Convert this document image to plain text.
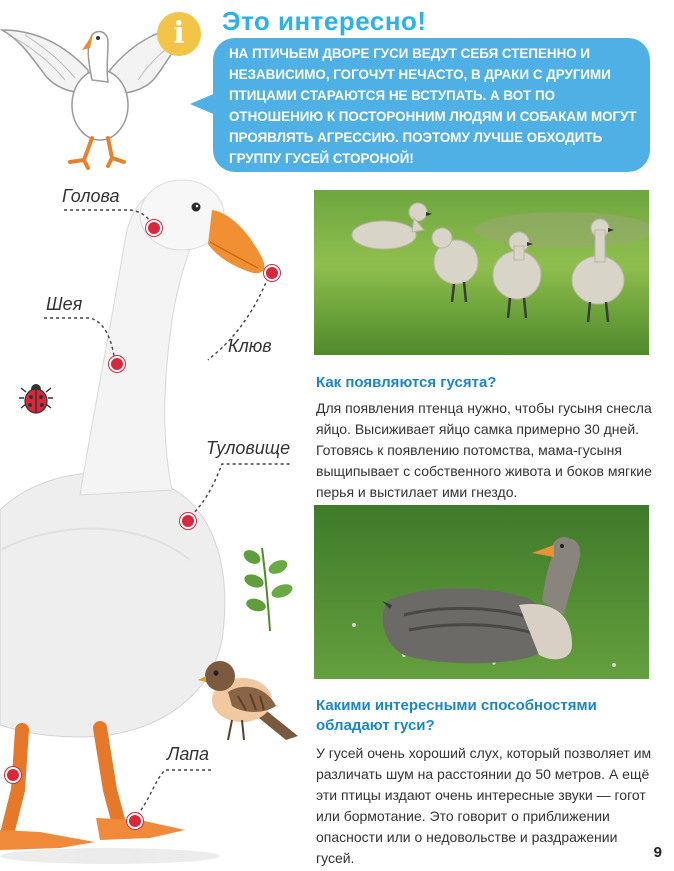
i Это интересно!
НА ПТИЧЬЕМ ДВОРЕ ГУСИ ВЕДУТ СЕБЯ СТЕПЕННО И НЕЗАВИСИМО, ГОГОЧУТ НЕЧАСТО, В ДРАКИ С ДРУГИМИ ПТИЦАМИ СТАРАЮТСЯ НЕ ВСТУПАТЬ. А ВОТ ПО ОТНОШЕНИЮ К ПОСТОРОННИМ ЛЮДЯМ И СОБАКАМ МОГУТ ПРОЯВЛЯТЬ АГРЕССИЮ. ПОЭТОМУ ЛУЧШЕ ОБХОДИТЬ ГРУППУ ГУСЕЙ СТОРОНОЙ!
Голова
Шея
Клюв
Туловище
Лапа
Как появляются гусята?
Для появления птенца нужно, чтобы гусыня снесла яйцо. Высиживает яйцо самка примерно 30 дней. Готовясь к появлению потомства, мама-гусыня выщипывает с собственного живота и боков мягкие перья и выстилает ими гнездо.
Какими интересными способностями обладают гуси?
У гусей очень хороший слух, который позволяет им различать шум на расстоянии до 50 метров. А ещё эти птицы издают очень интересные звуки — гогот или бормотание. Это говорит о приближении опасности или о недовольстве и раздражении гусей.	9
